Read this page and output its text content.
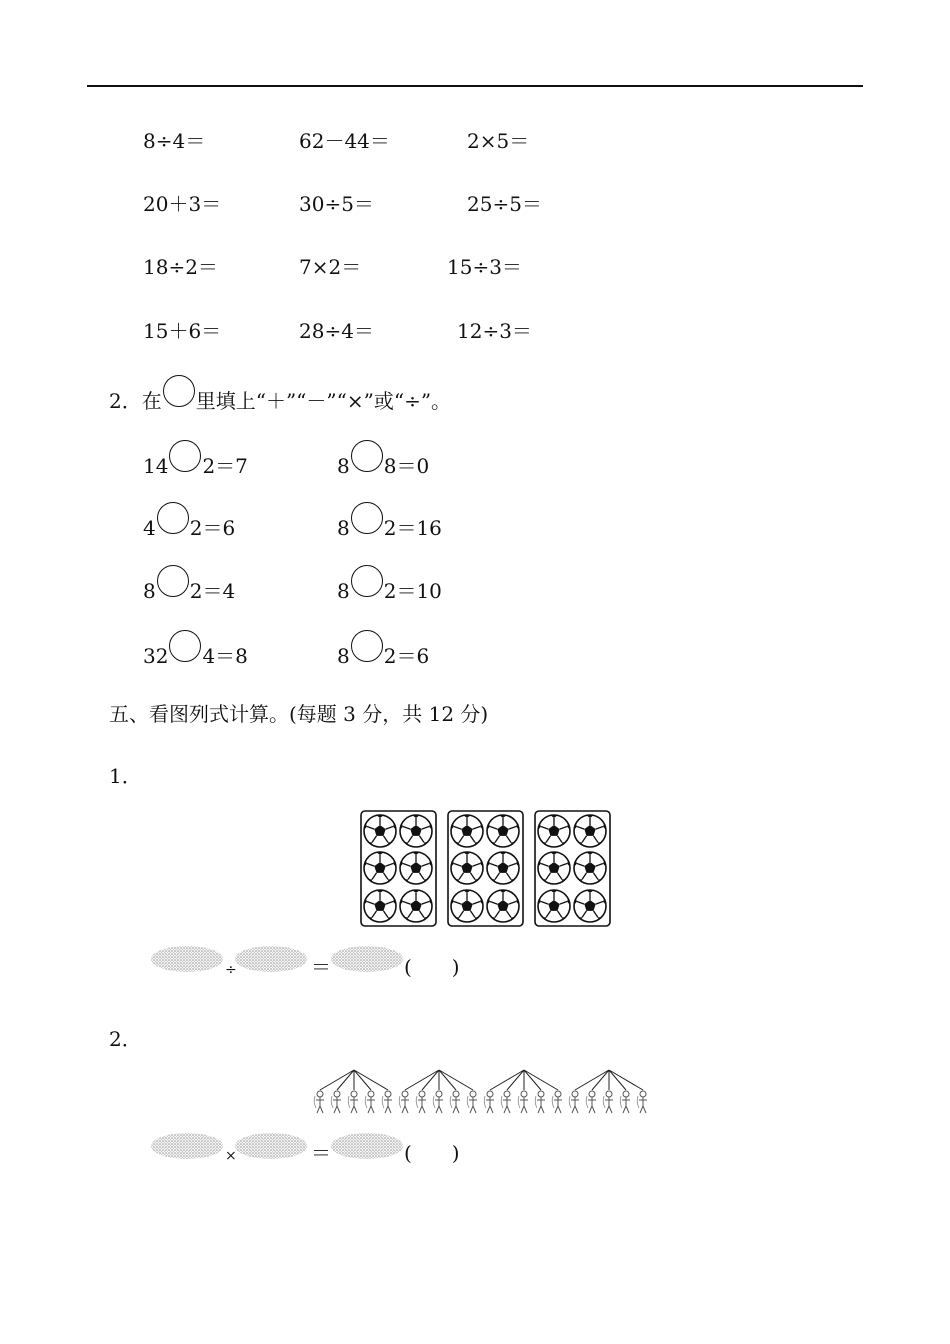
8÷4＝	62－44＝	2×5＝
20＋3＝	30÷5＝	25÷5＝
18÷2＝	7×2＝	15÷3＝
15＋6＝	28÷4＝	12÷3＝
2．在 里填上“＋”“－”“×”或“÷”。
14 2＝7	8 8＝0
4 2＝6	8 2＝16
8 2＝4	8 2＝10
32 4＝8	8 2＝6
五、看图列式计算。(每题 3 分，共 12 分)
1．
÷	＝	(　　)
2．
×	＝	(　　)
